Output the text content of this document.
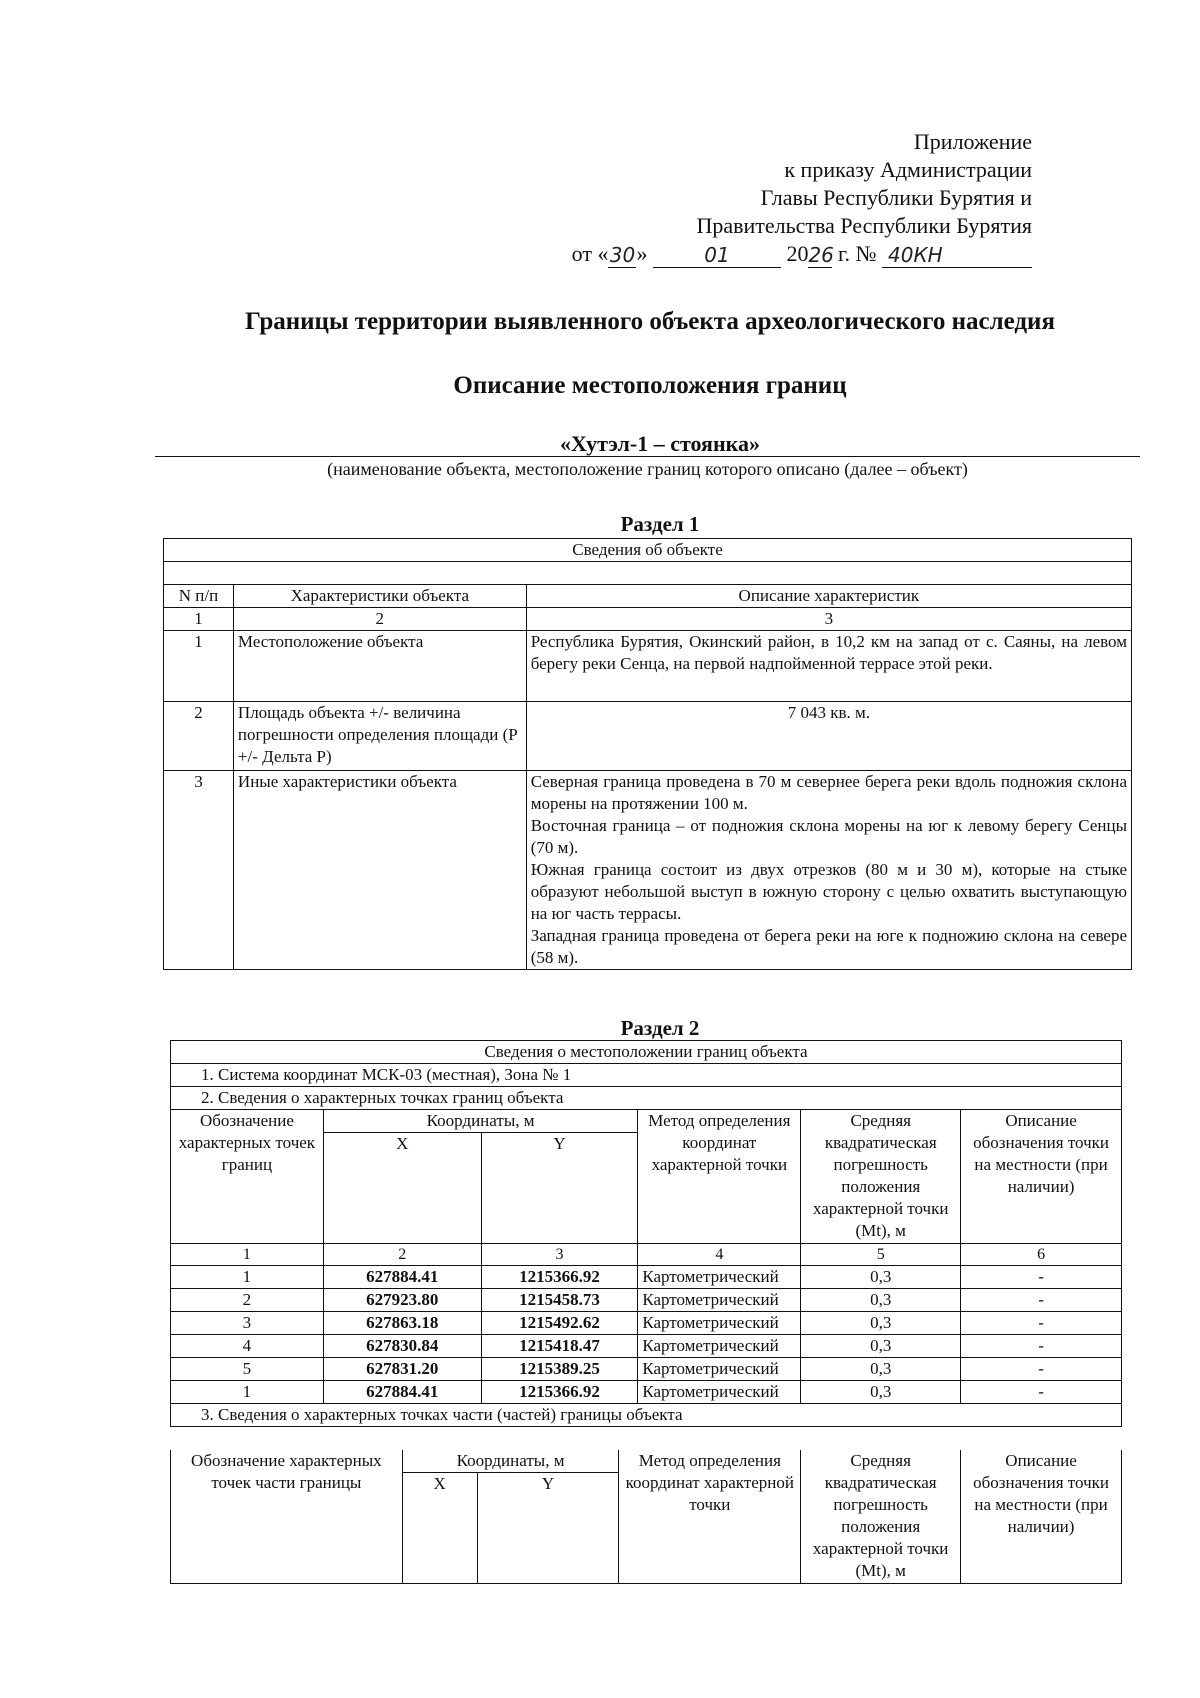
Приложение
к приказу Администрации
Главы Республики Бурятия и
Правительства Республики Бурятия
от «30»	01	2026 г. № 40КН
Границы территории выявленного объекта археологического наследия
Описание местоположения границ
«Хутэл-1 – стоянка»
(наименование объекта, местоположение границ которого описано (далее – объект)
Раздел 1
Сведения об объекте		

N п/п	Характеристики объекта	Описание характеристик
1	2	3
1	Местоположение объекта	Республика Бурятия, Окинский район, в 10,2 км на запад от с. Саяны, на левом берегу реки Сенца, на первой надпойменной террасе этой реки.
2	Площадь объекта +/- величина погрешности определения площади (Р +/- Дельта Р)	7 043 кв. м.
3	Иные характеристики объекта	Северная граница проведена в 70 м севернее берега реки вдоль подножия склона морены на протяжении 100 м.
Восточная граница – от подножия склона морены на юг к левому берегу Сенцы (70 м).
Южная граница состоит из двух отрезков (80 м и 30 м), которые на стыке образуют небольшой выступ в южную сторону с целью охватить выступающую на юг часть террасы.
Западная граница проведена от берега реки на юге к подножию склона на севере (58 м).
Раздел 2
Сведения о местоположении границ объекта					
1. Система координат МСК-03 (местная), Зона № 1					
2. Сведения о характерных точках границ объекта					
Обозначение характерных точек границ	Координаты, м		Метод определения координат характерной точки	Средняя квадратическая погрешность положения характерной точки (Mt), м	Описание обозначения точки на местности (при наличии)
	X	Y			
1	2	3	4	5	6
1	627884.41	1215366.92	Картометрический	0,3	-
2	627923.80	1215458.73	Картометрический	0,3	-
3	627863.18	1215492.62	Картометрический	0,3	-
4	627830.84	1215418.47	Картометрический	0,3	-
5	627831.20	1215389.25	Картометрический	0,3	-
1	627884.41	1215366.92	Картометрический	0,3	-
3. Сведения о характерных точках части (частей) границы объекта					
Обозначение характерных точек части границы	Координаты, м		Метод определения координат характерной точки	Средняя квадратическая погрешность положения характерной точки (Mt), м	Описание обозначения точки на местности (при наличии)
	X	Y			
